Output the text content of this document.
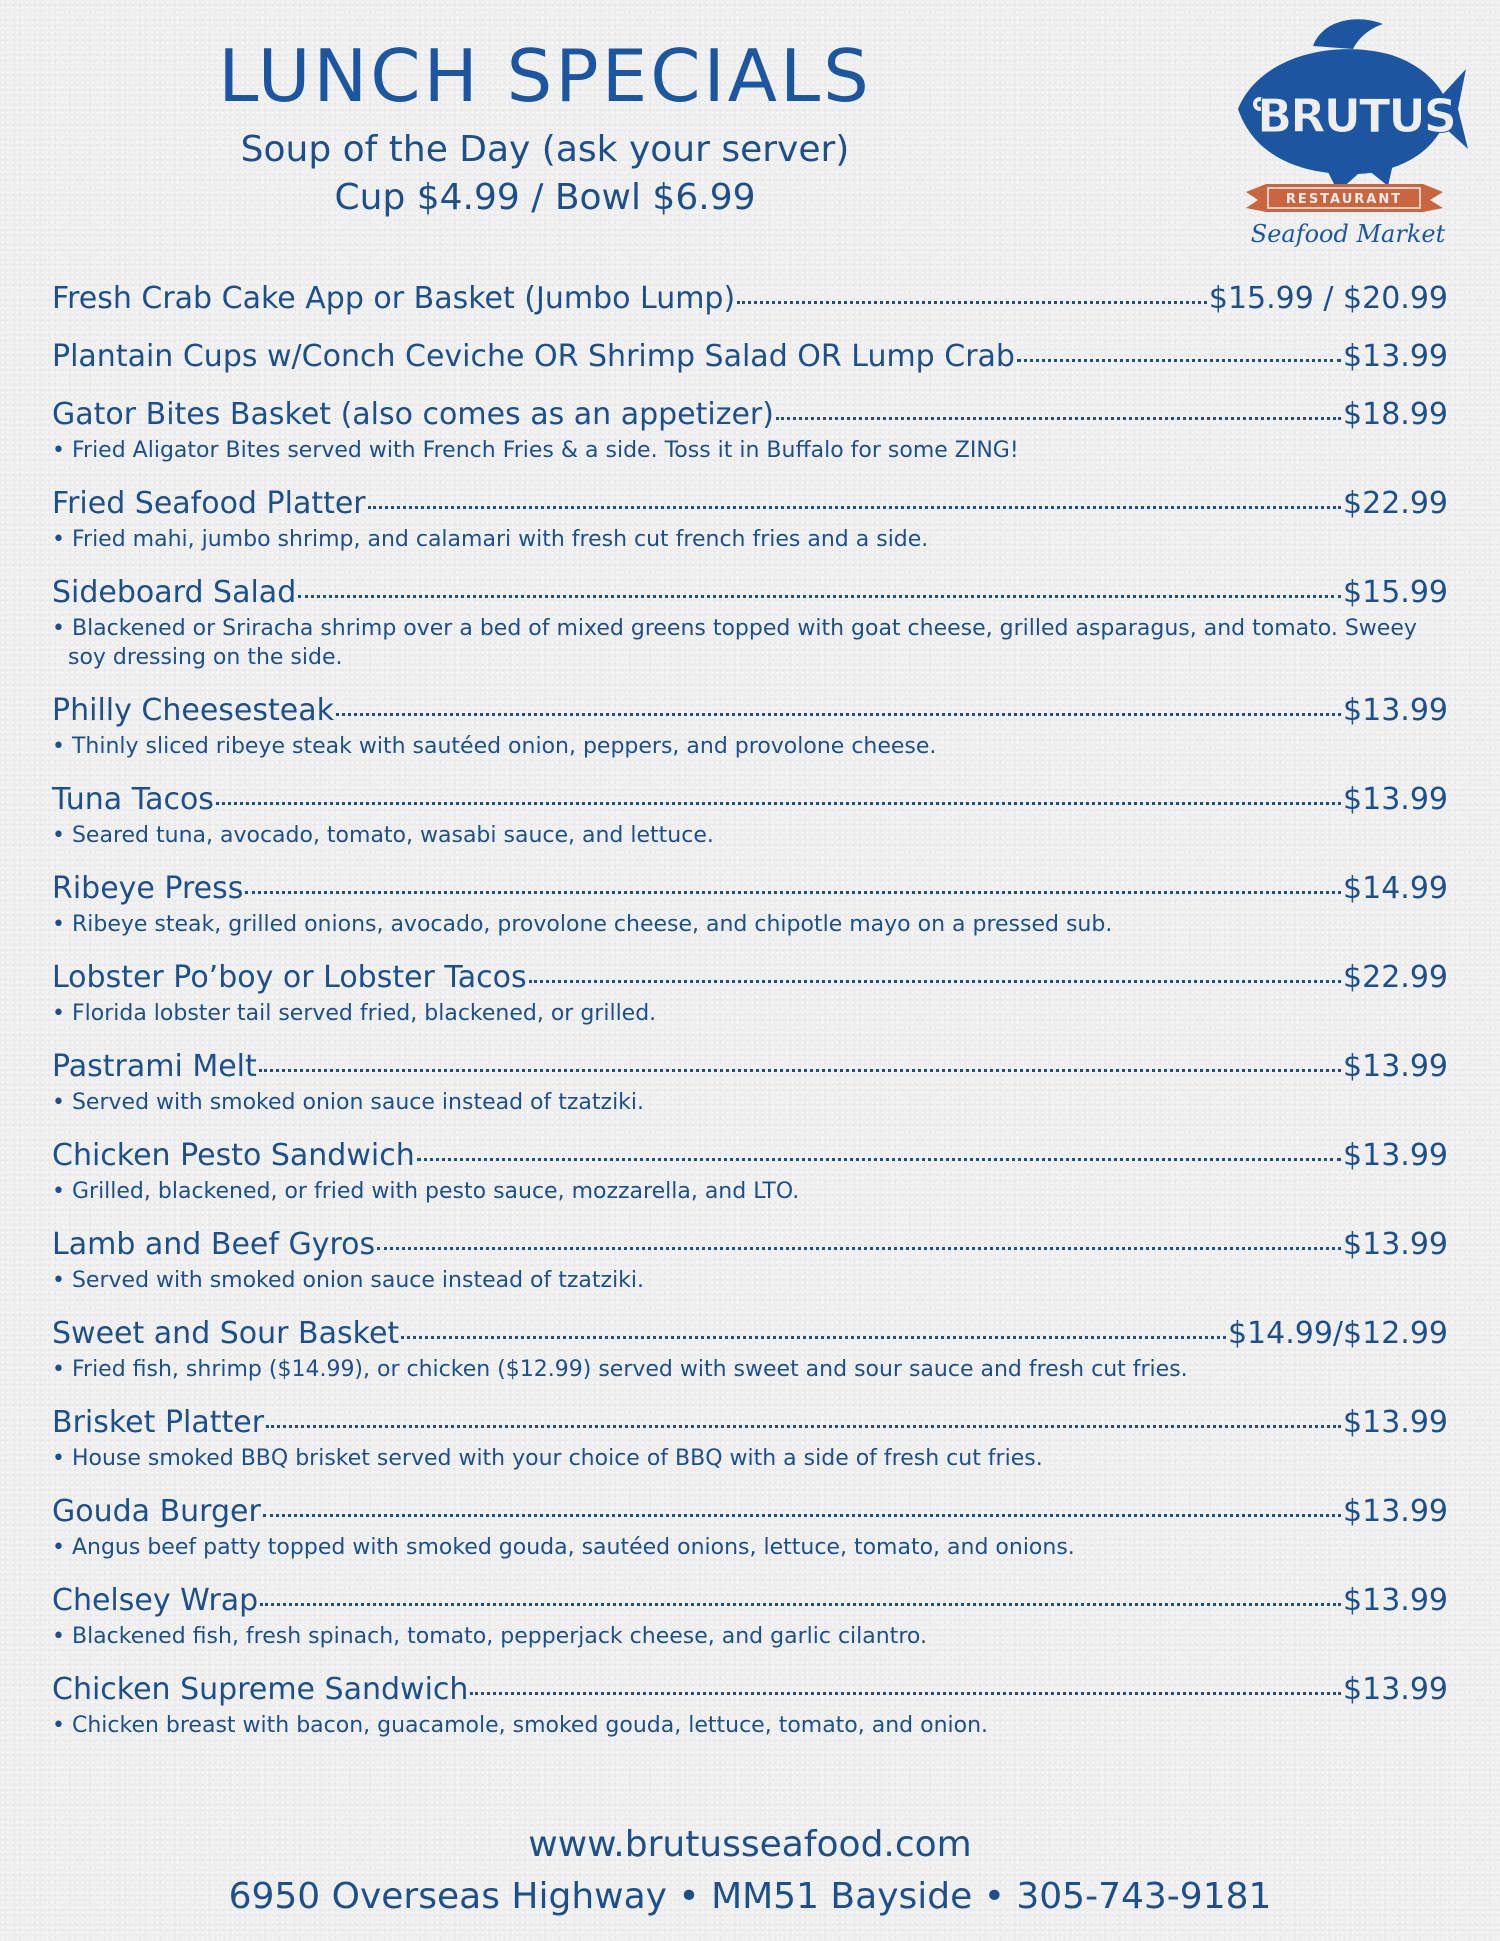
LUNCH SPECIALS
Soup of the Day (ask your server)
Cup $4.99 / Bowl $6.99
BRUTUS
RESTAURANT
Seafood Market
Fresh Crab Cake App or Basket (Jumbo Lump)	$15.99 / $20.99
Plantain Cups w/Conch Ceviche OR Shrimp Salad OR Lump Crab	$13.99
Gator Bites Basket (also comes as an appetizer)	$18.99
• Fried Aligator Bites served with French Fries & a side. Toss it in Buffalo for some ZING!
Fried Seafood Platter	$22.99
• Fried mahi, jumbo shrimp, and calamari with fresh cut french fries and a side.
Sideboard Salad	$15.99
• Blackened or Sriracha shrimp over a bed of mixed greens topped with goat cheese, grilled asparagus, and tomato. Sweey soy dressing on the side.
Philly Cheesesteak	$13.99
• Thinly sliced ribeye steak with sautéed onion, peppers, and provolone cheese.
Tuna Tacos	$13.99
• Seared tuna, avocado, tomato, wasabi sauce, and lettuce.
Ribeye Press	$14.99
• Ribeye steak, grilled onions, avocado, provolone cheese, and chipotle mayo on a pressed sub.
Lobster Po’boy or Lobster Tacos	$22.99
• Florida lobster tail served fried, blackened, or grilled.
Pastrami Melt	$13.99
• Served with smoked onion sauce instead of tzatziki.
Chicken Pesto Sandwich	$13.99
• Grilled, blackened, or fried with pesto sauce, mozzarella, and LTO.
Lamb and Beef Gyros	$13.99
• Served with smoked onion sauce instead of tzatziki.
Sweet and Sour Basket	$14.99/$12.99
• Fried fish, shrimp ($14.99), or chicken ($12.99) served with sweet and sour sauce and fresh cut fries.
Brisket Platter	$13.99
• House smoked BBQ brisket served with your choice of BBQ with a side of fresh cut fries.
Gouda Burger	$13.99
• Angus beef patty topped with smoked gouda, sautéed onions, lettuce, tomato, and onions.
Chelsey Wrap	$13.99
• Blackened fish, fresh spinach, tomato, pepperjack cheese, and garlic cilantro.
Chicken Supreme Sandwich	$13.99
• Chicken breast with bacon, guacamole, smoked gouda, lettuce, tomato, and onion.
www.brutusseafood.com
6950 Overseas Highway • MM51 Bayside • 305-743-9181
